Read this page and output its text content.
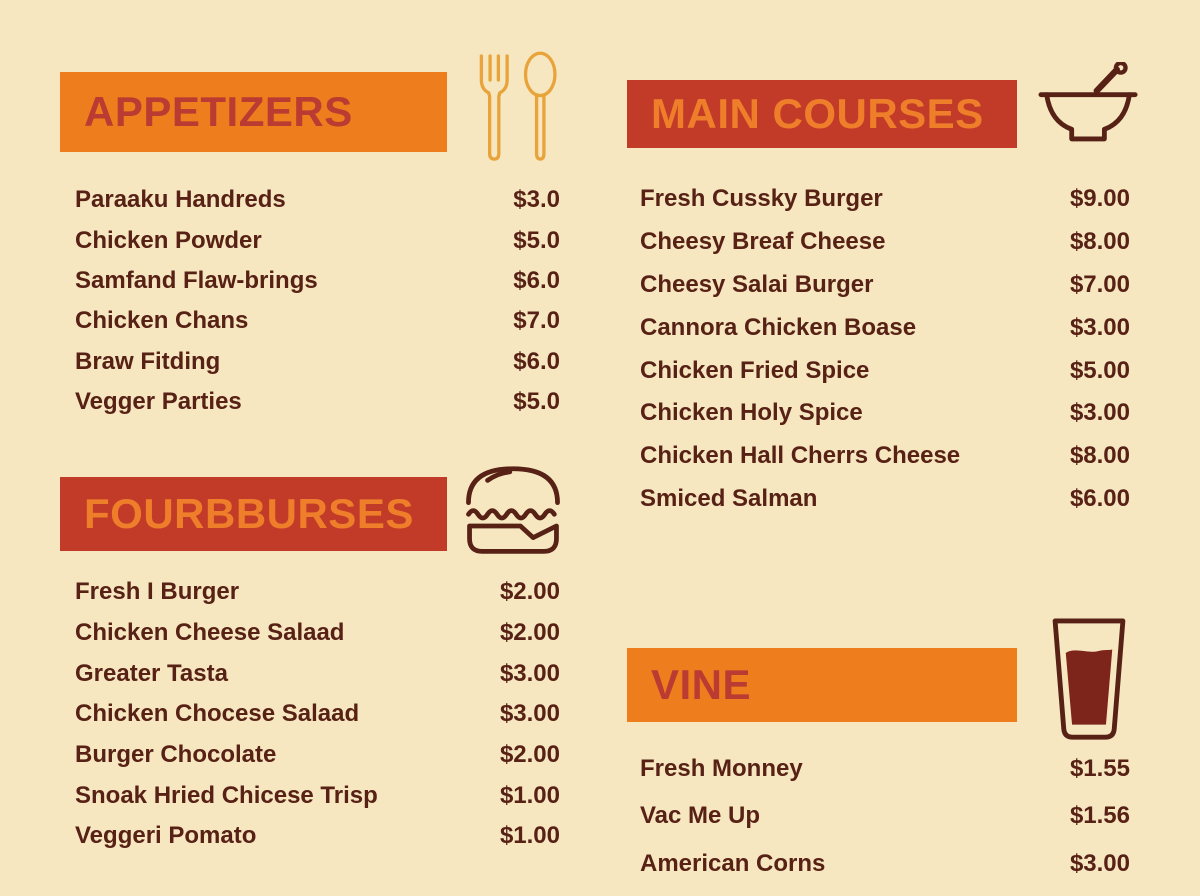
APPETIZERS
Paraaku Handreds	$3.0
Chicken Powder	$5.0
Samfand Flaw-brings	$6.0
Chicken Chans	$7.0
Braw Fitding	$6.0
Vegger Parties	$5.0
FOURBBURSES
Fresh I Burger	$2.00
Chicken Cheese Salaad	$2.00
Greater Tasta	$3.00
Chicken Chocese Salaad	$3.00
Burger Chocolate	$2.00
Snoak Hried Chicese Trisp	$1.00
Veggeri Pomato	$1.00
MAIN COURSES
Fresh Cussky Burger	$9.00
Cheesy Breaf Cheese	$8.00
Cheesy Salai Burger	$7.00
Cannora Chicken Boase	$3.00
Chicken Fried Spice	$5.00
Chicken Holy Spice	$3.00
Chicken Hall Cherrs Cheese	$8.00
Smiced Salman	$6.00
VINE
Fresh Monney	$1.55
Vac Me Up	$1.56
American Corns	$3.00
